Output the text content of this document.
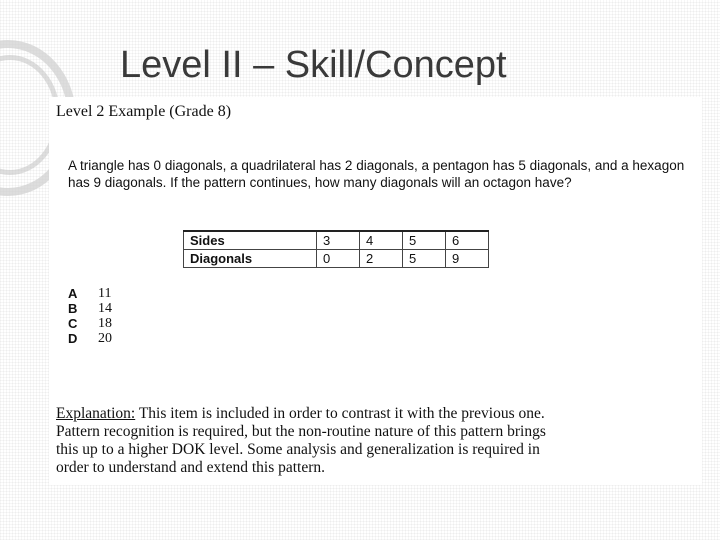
Level II – Skill/Concept
Level 2 Example (Grade 8)

A triangle has 0 diagonals, a quadrilateral has 2 diagonals, a pentagon has 5 diagonals, and a hexagon has 9 diagonals. If the pattern continues, how many diagonals will an octagon have?

Sides	3	4	5	6
Diagonals	0	2	5	9
A	11
B	14
C	18
D	20
Explanation: This item is included in order to contrast it with the previous one.
Pattern recognition is required, but the non-routine nature of this pattern brings
this up to a higher DOK level. Some analysis and generalization is required in
order to understand and extend this pattern.
